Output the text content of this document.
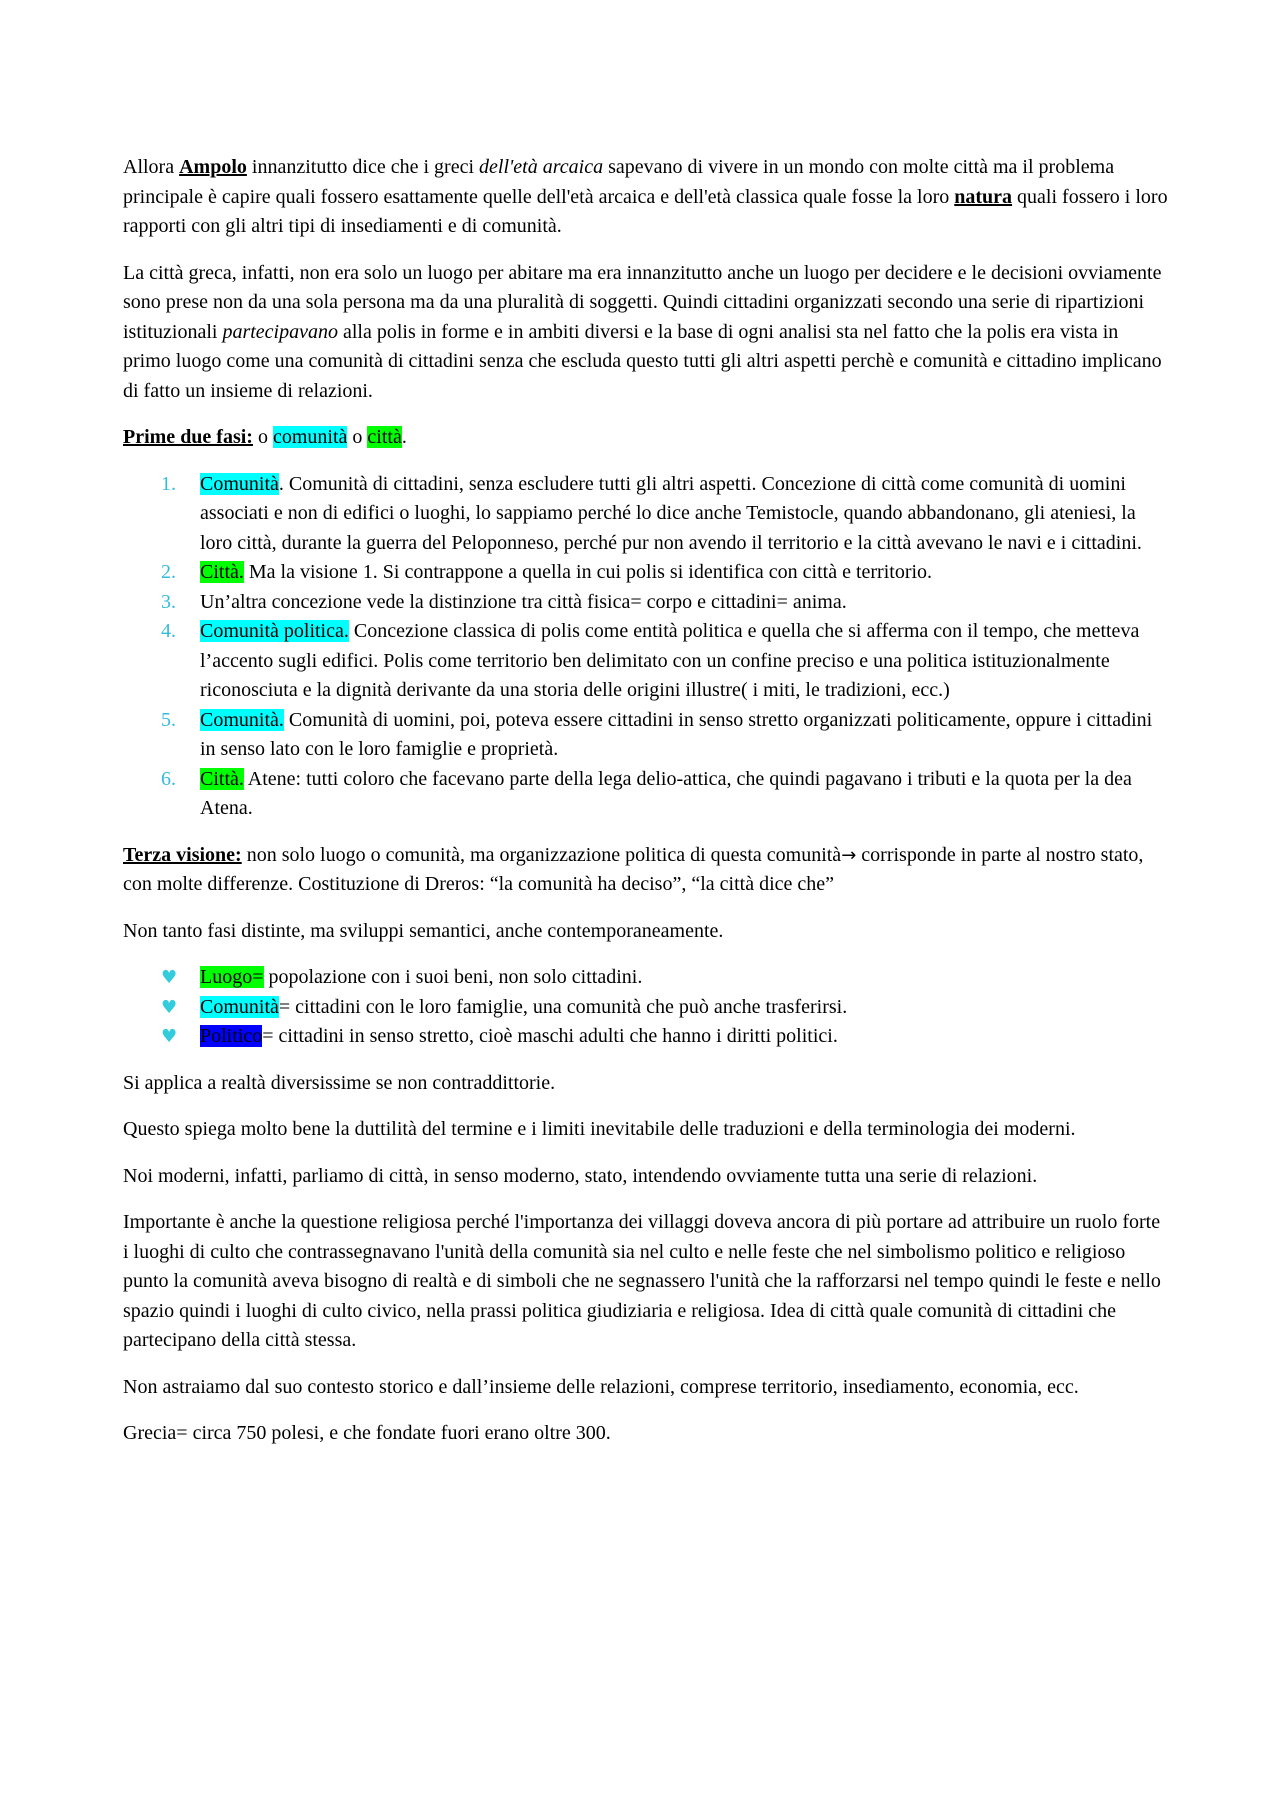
Allora Ampolo innanzitutto dice che i greci dell'età arcaica sapevano di vivere in un mondo con molte città ma il problema principale è capire quali fossero esattamente quelle dell'età arcaica e dell'età classica quale fosse la loro natura quali fossero i loro rapporti con gli altri tipi di insediamenti e di comunità.

La città greca, infatti, non era solo un luogo per abitare ma era innanzitutto anche un luogo per decidere e le decisioni ovviamente sono prese non da una sola persona ma da una pluralità di soggetti. Quindi cittadini organizzati secondo una serie di ripartizioni istituzionali partecipavano alla polis in forme e in ambiti diversi e la base di ogni analisi sta nel fatto che la polis era vista in primo luogo come una comunità di cittadini senza che escluda questo tutti gli altri aspetti perchè e comunità e cittadino implicano di fatto un insieme di relazioni.

Prime due fasi: o comunità o città.

1. Comunità. Comunità di cittadini, senza escludere tutti gli altri aspetti. Concezione di città come comunità di uomini associati e non di edifici o luoghi, lo sappiamo perché lo dice anche Temistocle, quando abbandonano, gli ateniesi, la loro città, durante la guerra del Peloponneso, perché pur non avendo il territorio e la città avevano le navi e i cittadini.
2. Città. Ma la visione 1. Si contrappone a quella in cui polis si identifica con città e territorio.
3. Un’altra concezione vede la distinzione tra città fisica= corpo e cittadini= anima.
4. Comunità politica. Concezione classica di polis come entità politica e quella che si afferma con il tempo, che metteva l’accento sugli edifici. Polis come territorio ben delimitato con un confine preciso e una politica istituzionalmente riconosciuta e la dignità derivante da una storia delle origini illustre( i miti, le tradizioni, ecc.)
5. Comunità. Comunità di uomini, poi, poteva essere cittadini in senso stretto organizzati politicamente, oppure i cittadini in senso lato con le loro famiglie e proprietà.
6. Città. Atene: tutti coloro che facevano parte della lega delio-attica, che quindi pagavano i tributi e la quota per la dea Atena.

Terza visione: non solo luogo o comunità, ma organizzazione politica di questa comunità→ corrisponde in parte al nostro stato, con molte differenze. Costituzione di Dreros: “la comunità ha deciso”, “la città dice che”

Non tanto fasi distinte, ma sviluppi semantici, anche contemporaneamente.

♥ Luogo= popolazione con i suoi beni, non solo cittadini.
♥ Comunità= cittadini con le loro famiglie, una comunità che può anche trasferirsi.
♥ Politico= cittadini in senso stretto, cioè maschi adulti che hanno i diritti politici.

Si applica a realtà diversissime se non contraddittorie.

Questo spiega molto bene la duttilità del termine e i limiti inevitabile delle traduzioni e della terminologia dei moderni.

Noi moderni, infatti, parliamo di città, in senso moderno, stato, intendendo ovviamente tutta una serie di relazioni.

Importante è anche la questione religiosa perché l'importanza dei villaggi doveva ancora di più portare ad attribuire un ruolo forte i luoghi di culto che contrassegnavano l'unità della comunità sia nel culto e nelle feste che nel simbolismo politico e religioso punto la comunità aveva bisogno di realtà e di simboli che ne segnassero l'unità che la rafforzarsi nel tempo quindi le feste e nello spazio quindi i luoghi di culto civico, nella prassi politica giudiziaria e religiosa. Idea di città quale comunità di cittadini che partecipano della città stessa.

Non astraiamo dal suo contesto storico e dall’insieme delle relazioni, comprese territorio, insediamento, economia, ecc.

Grecia= circa 750 polesi, e che fondate fuori erano oltre 300.
